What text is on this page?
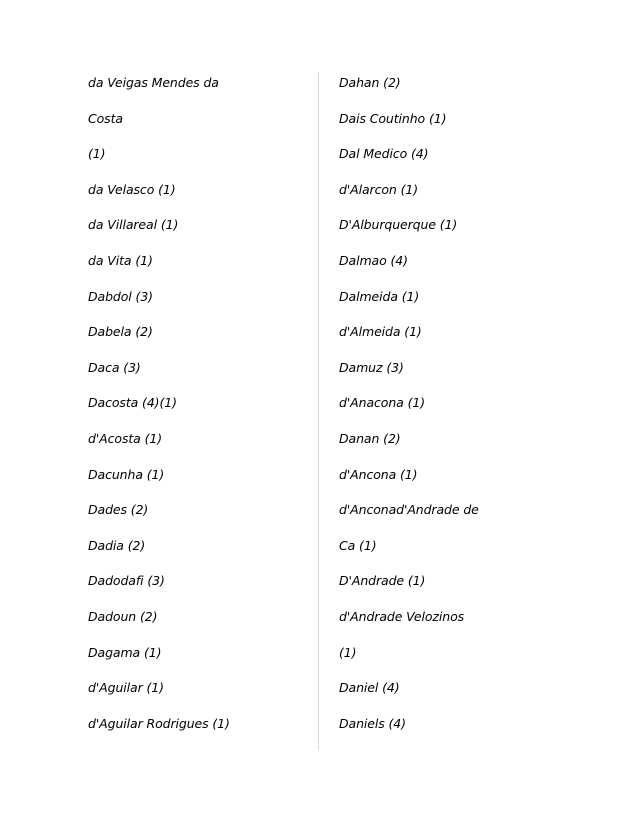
da Veigas Mendes da
Costa
(1)
da Velasco (1)
da Villareal (1)
da Vita (1)
Dabdol (3)
Dabela (2)
Daca (3)
Dacosta (4)(1)
d'Acosta (1)
Dacunha (1)
Dades (2)
Dadia (2)
Dadodafi (3)
Dadoun (2)
Dagama (1)
d'Aguilar (1)
d'Aguilar Rodrigues (1)
Dahan (2)
Dais Coutinho (1)
Dal Medico (4)
d'Alarcon (1)
D'Alburquerque (1)
Dalmao (4)
Dalmeida (1)
d'Almeida (1)
Damuz (3)
d'Anacona (1)
Danan (2)
d'Ancona (1)
d'Anconad'Andrade de
Ca (1)
D'Andrade (1)
d'Andrade Velozinos
(1)
Daniel (4)
Daniels (4)
